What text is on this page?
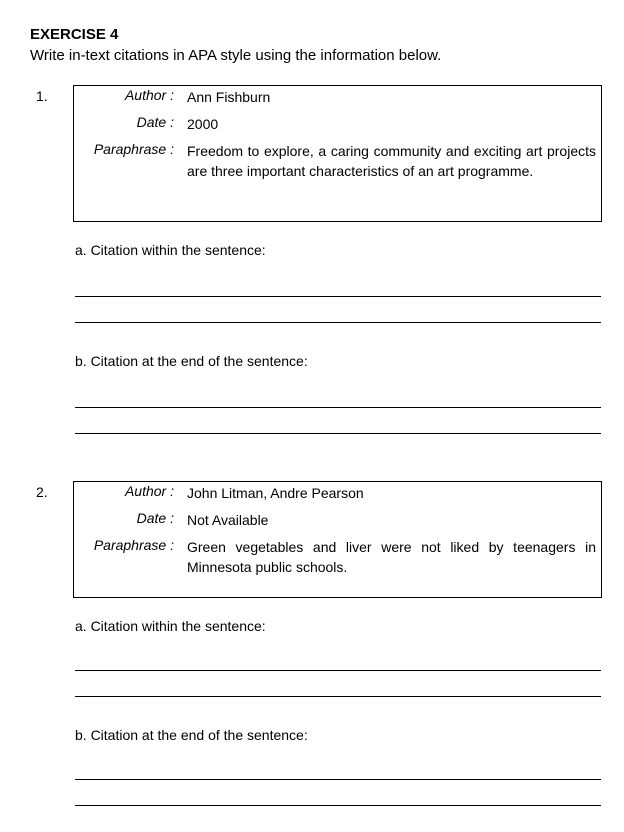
EXERCISE 4
Write in-text citations in APA style using the information below.
1.	Author : Ann Fishburn
Date : 2000
Paraphrase : Freedom to explore, a caring community and exciting art projects are three important characteristics of an art programme.
a. Citation within the sentence:
b. Citation at the end of the sentence:
2.	Author : John Litman, Andre Pearson
Date : Not Available
Paraphrase : Green vegetables and liver were not liked by teenagers in Minnesota public schools.
a. Citation within the sentence:
b. Citation at the end of the sentence:
